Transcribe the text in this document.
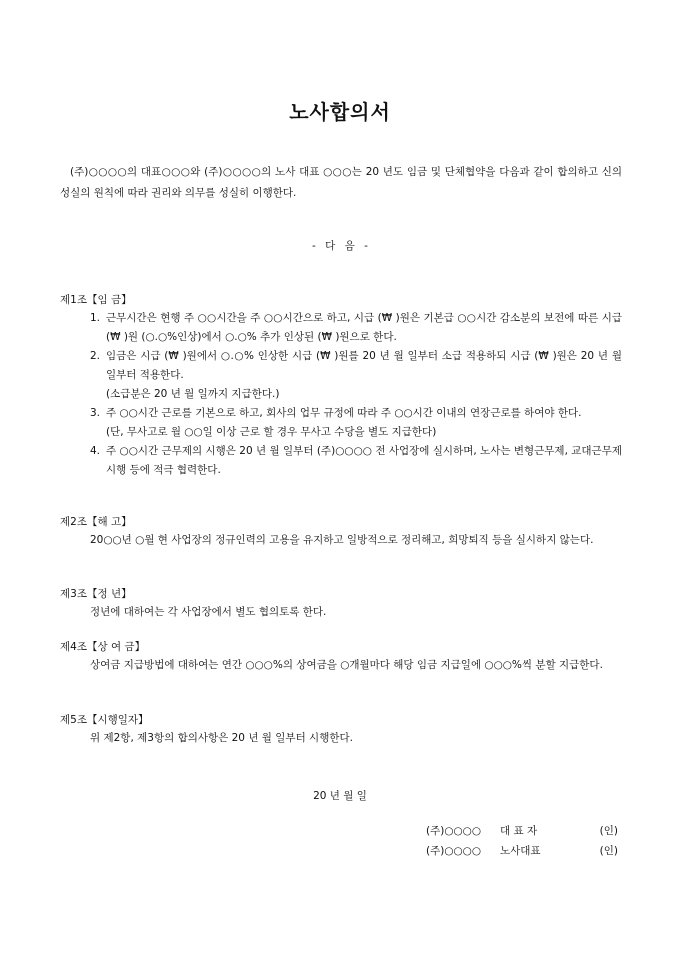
노사합의서

(주)○○○○의 대표○○○와 (주)○○○○의 노사 대표 ○○○는 20 년도 임금 및 단체협약을 다음과 같이 합의하고 신의 성실의 원칙에 따라 권리와 의무를 성실히 이행한다.

- 다 음 -
제1조【임 금】
1. 근무시간은 현행 주 ○○시간을 주 ○○시간으로 하고, 시급 (₩ )원은 기본급 ○○시간 감소분의 보전에 따른 시급 (₩ )원 (○.○%인상)에서 ○.○% 추가 인상된 (₩ )원으로 한다.
2. 임금은 시급 (₩ )원에서 ○.○% 인상한 시급 (₩ )원를 20 년 월 일부터 소급 적용하되 시급 (₩ )원은 20 년 월 일부터 적용한다.
(소급분은 20 년 월 일까지 지급한다.)
3. 주 ○○시간 근로를 기본으로 하고, 회사의 업무 규정에 따라 주 ○○시간 이내의 연장근로를 하여야 한다.
(단, 무사고로 월 ○○일 이상 근로 할 경우 무사고 수당을 별도 지급한다)
4. 주 ○○시간 근무제의 시행은 20 년 월 일부터 (주)○○○○ 전 사업장에 실시하며, 노사는 변형근무제, 교대근무제 시행 등에 적극 협력한다.
제2조【해 고】
20○○년 ○월 현 사업장의 정규인력의 고용을 유지하고 일방적으로 정리해고, 희망퇴직 등을 실시하지 않는다.
제3조【정 년】
정년에 대하여는 각 사업장에서 별도 협의토록 한다.
제4조【상 여 금】
상여금 지급방법에 대하여는 연간 ○○○%의 상여금을 ○개월마다 해당 임금 지급일에 ○○○%씩 분할 지급한다.
제5조【시행일자】
위 제2항, 제3항의 합의사항은 20 년 월 일부터 시행한다.
20 년 월 일
(주)○○○○ 대 표 자	(인)
(주)○○○○ 노사대표	(인)
